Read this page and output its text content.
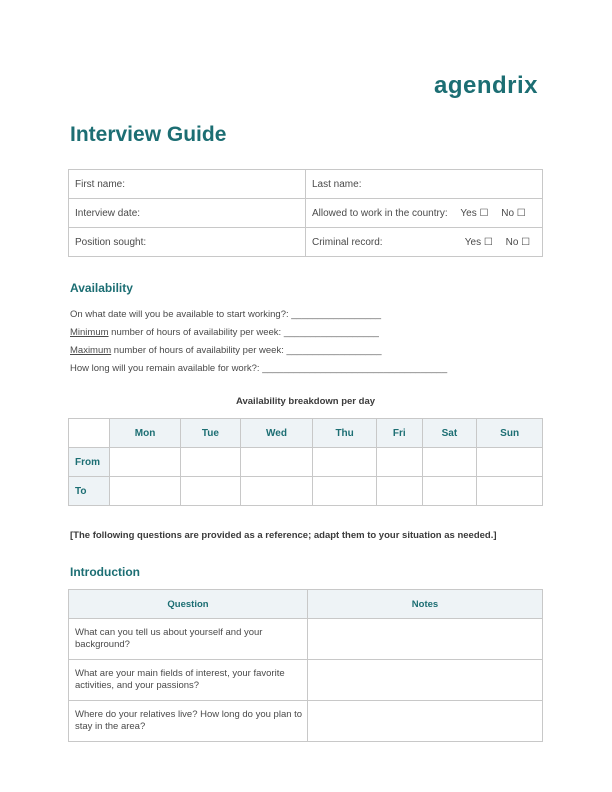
agendrix
Interview Guide
First name:	Last name:
Interview date:	Allowed to work in the country: Yes ☐ No ☐
Position sought:	Criminal record: Yes ☐ No ☐
Availability
On what date will you be available to start working?: _________________
Minimum number of hours of availability per week: __________________
Maximum number of hours of availability per week: __________________
How long will you remain available for work?: ___________________________________
Availability breakdown per day
	Mon	Tue	Wed	Thu	Fri	Sat	Sun
From							
To							
[The following questions are provided as a reference; adapt them to your situation as needed.]
Introduction
Question	Notes
What can you tell us about yourself and your background?	
What are your main fields of interest, your favorite activities, and your passions?	
Where do your relatives live? How long do you plan to stay in the area?	
